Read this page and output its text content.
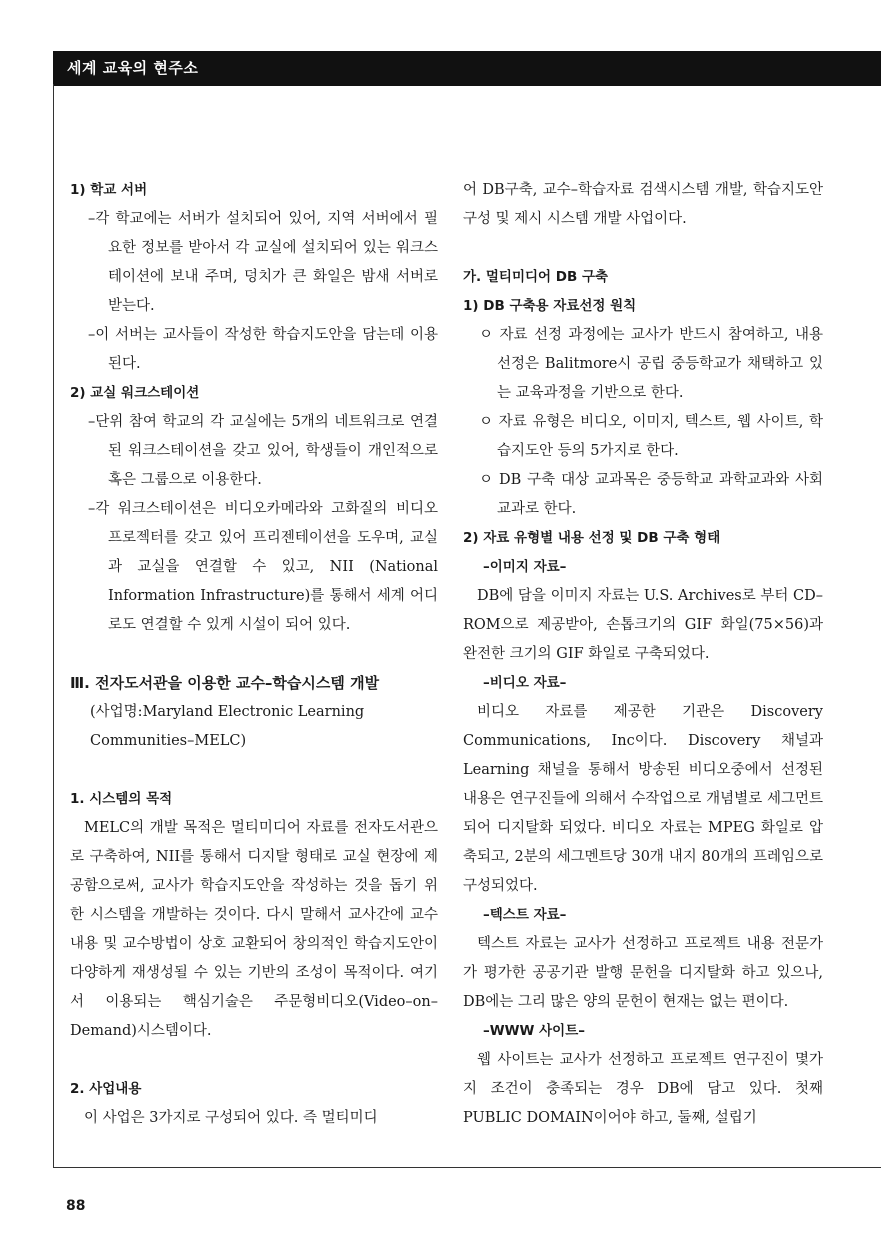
세계 교육의 현주소

1) 학교 서버

–각 학교에는 서버가 설치되어 있어, 지역 서버에서 필요한 정보를 받아서 각 교실에 설치되어 있는 워크스테이션에 보내 주며, 덩치가 큰 화일은 밤새 서버로 받는다.

–이 서버는 교사들이 작성한 학습지도안을 담는데 이용된다.

2) 교실 워크스테이션

–단위 참여 학교의 각 교실에는 5개의 네트워크로 연결된 워크스테이션을 갖고 있어, 학생들이 개인적으로 혹은 그룹으로 이용한다.

–각 워크스테이션은 비디오카메라와 고화질의 비디오 프로젝터를 갖고 있어 프리젠테이션을 도우며, 교실과 교실을 연결할 수 있고, NII (National Information Infrastructure)를 통해서 세계 어디로도 연결할 수 있게 시설이 되어 있다.

Ⅲ. 전자도서관을 이용한 교수–학습시스템 개발

(사업명:Maryland Electronic Learning

Communities–MELC)

1. 시스템의 목적

MELC의 개발 목적은 멀티미디어 자료를 전자도서관으로 구축하여, NII를 통해서 디지탈 형태로 교실 현장에 제공함으로써, 교사가 학습지도안을 작성하는 것을 돕기 위한 시스템을 개발하는 것이다. 다시 말해서 교사간에 교수 내용 및 교수방법이 상호 교환되어 창의적인 학습지도안이 다양하게 재생성될 수 있는 기반의 조성이 목적이다. 여기서 이용되는 핵심기술은 주문형비디오(Video–on–Demand)시스템이다.

2. 사업내용

이 사업은 3가지로 구성되어 있다. 즉 멀티미디

어 DB구축, 교수–학습자료 검색시스템 개발, 학습지도안 구성 및 제시 시스템 개발 사업이다.

가. 멀티미디어 DB 구축

1) DB 구축용 자료선정 원칙

ㅇ 자료 선정 과정에는 교사가 반드시 참여하고, 내용 선정은 Balitmore시 공립 중등학교가 채택하고 있는 교육과정을 기반으로 한다.

ㅇ 자료 유형은 비디오, 이미지, 텍스트, 웹 사이트, 학습지도안 등의 5가지로 한다.

ㅇ DB 구축 대상 교과목은 중등학교 과학교과와 사회교과로 한다.

2) 자료 유형별 내용 선정 및 DB 구축 형태

–이미지 자료–

DB에 담을 이미지 자료는 U.S. Archives로 부터 CD–ROM으로 제공받아, 손톱크기의 GIF 화일(75×56)과 완전한 크기의 GIF 화일로 구축되었다.

–비디오 자료–

비디오 자료를 제공한 기관은 Discovery Communications, Inc이다. Discovery 채널과 Learning 채널을 통해서 방송된 비디오중에서 선정된 내용은 연구진들에 의해서 수작업으로 개념별로 세그먼트되어 디지탈화 되었다. 비디오 자료는 MPEG 화일로 압축되고, 2분의 세그멘트당 30개 내지 80개의 프레임으로 구성되었다.

–텍스트 자료–

텍스트 자료는 교사가 선정하고 프로젝트 내용 전문가가 평가한 공공기관 발행 문헌을 디지탈화 하고 있으나, DB에는 그리 많은 양의 문헌이 현재는 없는 편이다.

–WWW 사이트–

웹 사이트는 교사가 선정하고 프로젝트 연구진이 몇가지 조건이 충족되는 경우 DB에 담고 있다. 첫째 PUBLIC DOMAIN이어야 하고, 둘째, 설립기

88
